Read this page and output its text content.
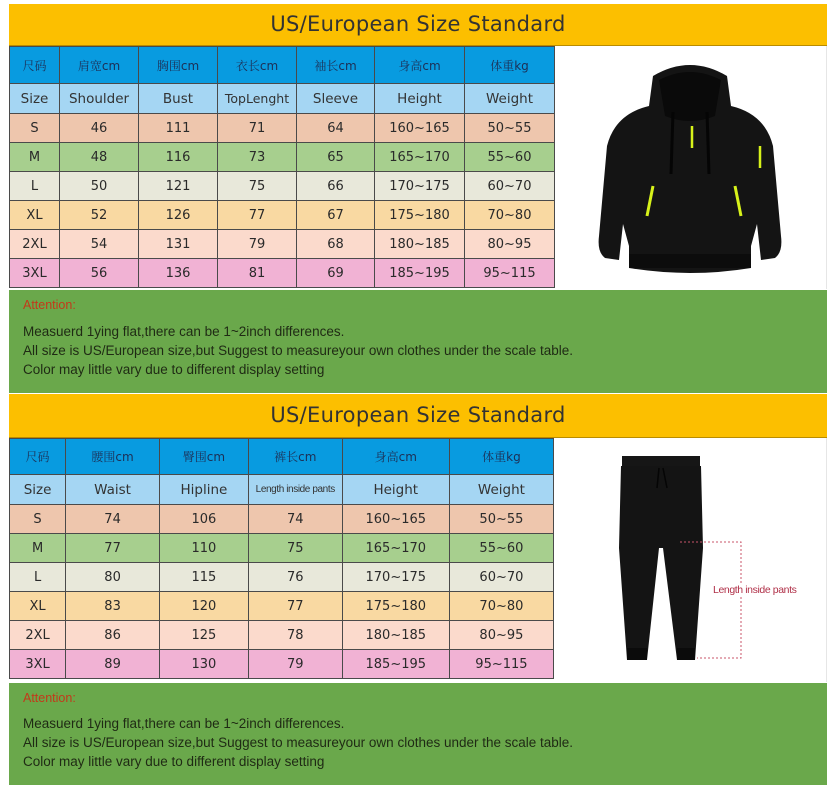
US/European Size Standard
尺码	肩宽cm	胸围cm	衣长cm	袖长cm	身高cm	体重kg
Size	Shoulder	Bust	TopLenght	Sleeve	Height	Weight
S	46	111	71	64	160~165	50~55
M	48	116	73	65	165~170	55~60
L	50	121	75	66	170~175	60~70
XL	52	126	77	67	175~180	70~80
2XL	54	131	79	68	180~185	80~95
3XL	56	136	81	69	185~195	95~115
Attention:
Measuerd 1ying flat,there can be 1~2inch differences.
All size is US/European size,but Suggest to measureyour own clothes under the scale table.
Color may little vary due to different display setting
US/European Size Standard
尺码	腰围cm	臀围cm	裤长cm	身高cm	体重kg
Size	Waist	Hipline	Length inside pants	Height	Weight
S	74	106	74	160~165	50~55
M	77	110	75	165~170	55~60
L	80	115	76	170~175	60~70
XL	83	120	77	175~180	70~80
2XL	86	125	78	180~185	80~95
3XL	89	130	79	185~195	95~115
Length inside pants
Attention:
Measuerd 1ying flat,there can be 1~2inch differences.
All size is US/European size,but Suggest to measureyour own clothes under the scale table.
Color may little vary due to different display setting
